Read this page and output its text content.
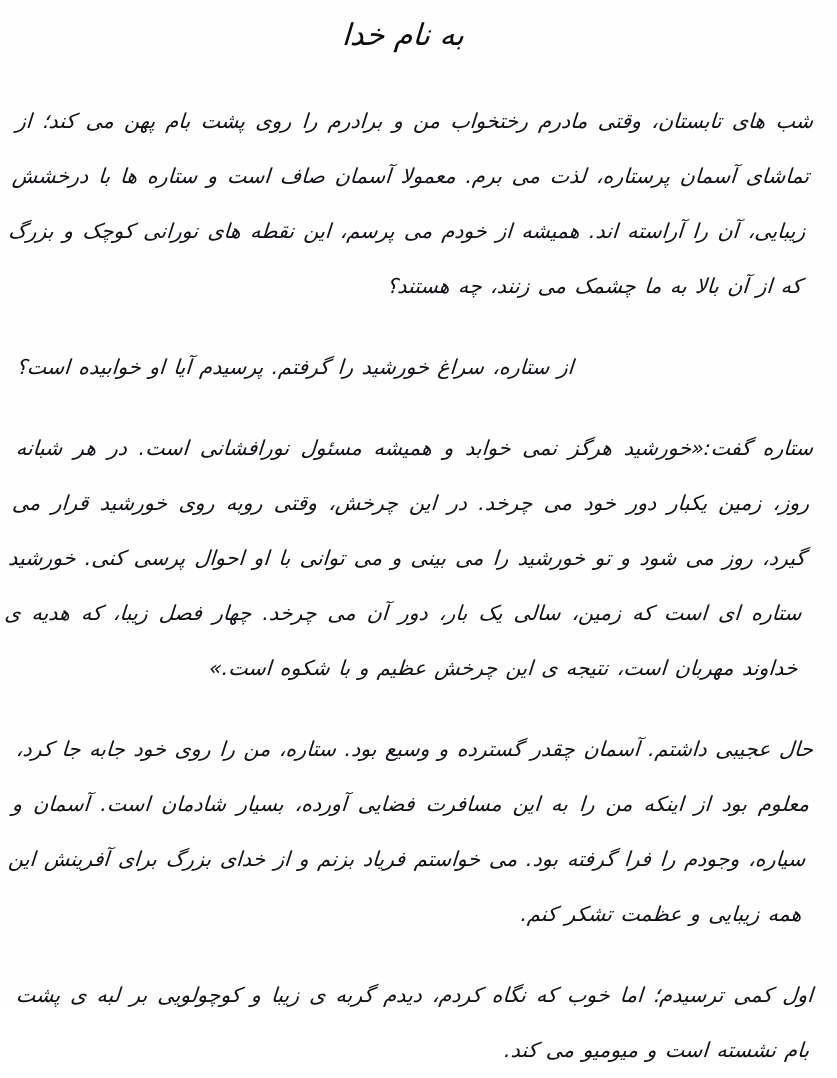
به نام خدا

شب های تابستان، وقتی مادرم رختخواب من و برادرم را روی پشت بام پهن می کند؛ از تماشای آسمان پرستاره، لذت می برم. معمولا آسمان صاف است و ستاره ها با درخشش زیبایی، آن را آراسته اند. همیشه از خودم می پرسم، این نقطه های نورانی کوچک و بزرگ که از آن بالا به ما چشمک می زنند، چه هستند؟

از ستاره، سراغ خورشید را گرفتم. پرسیدم آیا او خوابیده است؟

ستاره گفت:«خورشید هرگز نمی خوابد و همیشه مسئول نورافشانی است. در هر شبانه روز، زمین یکبار دور خود می چرخد. در این چرخش، وقتی روبه روی خورشید قرار می گیرد، روز می شود و تو خورشید را می بینی و می توانی با او احوال پرسی کنی. خورشید ستاره ای است که زمین، سالی یک بار، دور آن می چرخد. چهار فصل زیبا، که هدیه ی خداوند مهربان است، نتیجه ی این چرخش عظیم و با شکوه است.»

حال عجیبی داشتم. آسمان چقدر گسترده و وسیع بود. ستاره، من را روی خود جابه جا کرد، معلوم بود از اینکه من را به این مسافرت فضایی آورده، بسیار شادمان است. آسمان و سیاره، وجودم را فرا گرفته بود. می خواستم فریاد بزنم و از خدای بزرگ برای آفرینش این همه زیبایی و عظمت تشکر کنم.

اول کمی ترسیدم؛ اما خوب که نگاه کردم، دیدم گربه ی زیبا و کوچولویی بر لبه ی پشت بام نشسته است و میومیو می کند.
